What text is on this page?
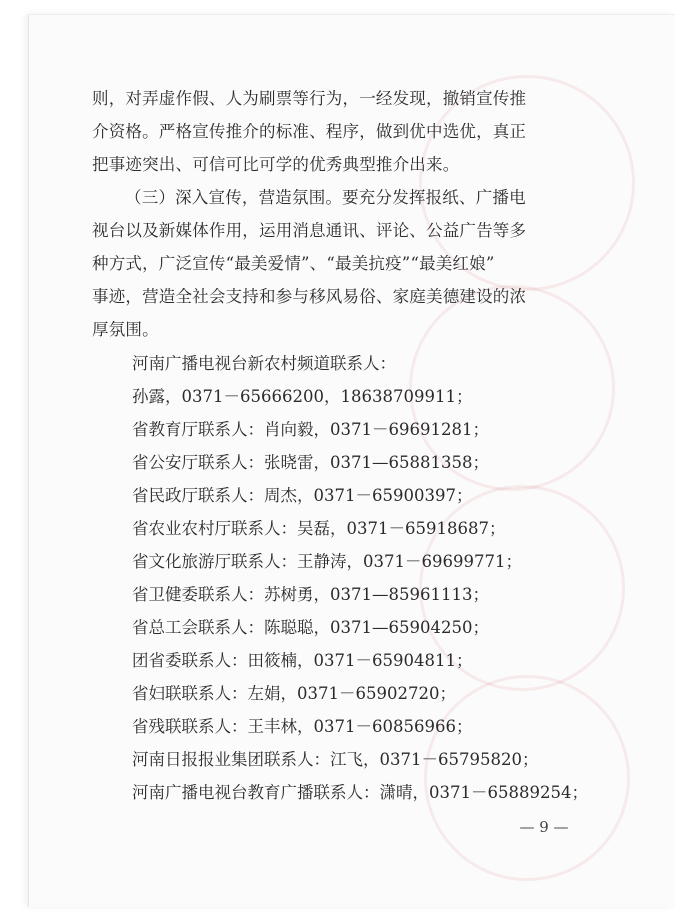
则，对弄虚作假、人为刷票等行为，一经发现，撤销宣传推
介资格。严格宣传推介的标准、程序，做到优中选优，真正
把事迹突出、可信可比可学的优秀典型推介出来。
（三）深入宣传，营造氛围。要充分发挥报纸、广播电
视台以及新媒体作用，运用消息通讯、评论、公益广告等多
种方式，广泛宣传“最美爱情”、“最美抗疫”“最美红娘”
事迹，营造全社会支持和参与移风易俗、家庭美德建设的浓
厚氛围。
河南广播电视台新农村频道联系人：
孙露，0371－65666200，18638709911；
省教育厅联系人：肖向毅，0371－69691281；
省公安厅联系人：张晓雷，0371—65881358；
省民政厅联系人：周杰，0371－65900397；
省农业农村厅联系人：吴磊，0371－65918687；
省文化旅游厅联系人：王静涛，0371－69699771；
省卫健委联系人：苏树勇，0371—85961113；
省总工会联系人：陈聪聪，0371—65904250；
团省委联系人：田筱楠，0371－65904811；
省妇联联系人：左娟，0371－65902720；
省残联联系人：王丰林，0371－60856966；
河南日报报业集团联系人：江飞，0371－65795820；
河南广播电视台教育广播联系人：潇晴，0371－65889254；
— 9 —
